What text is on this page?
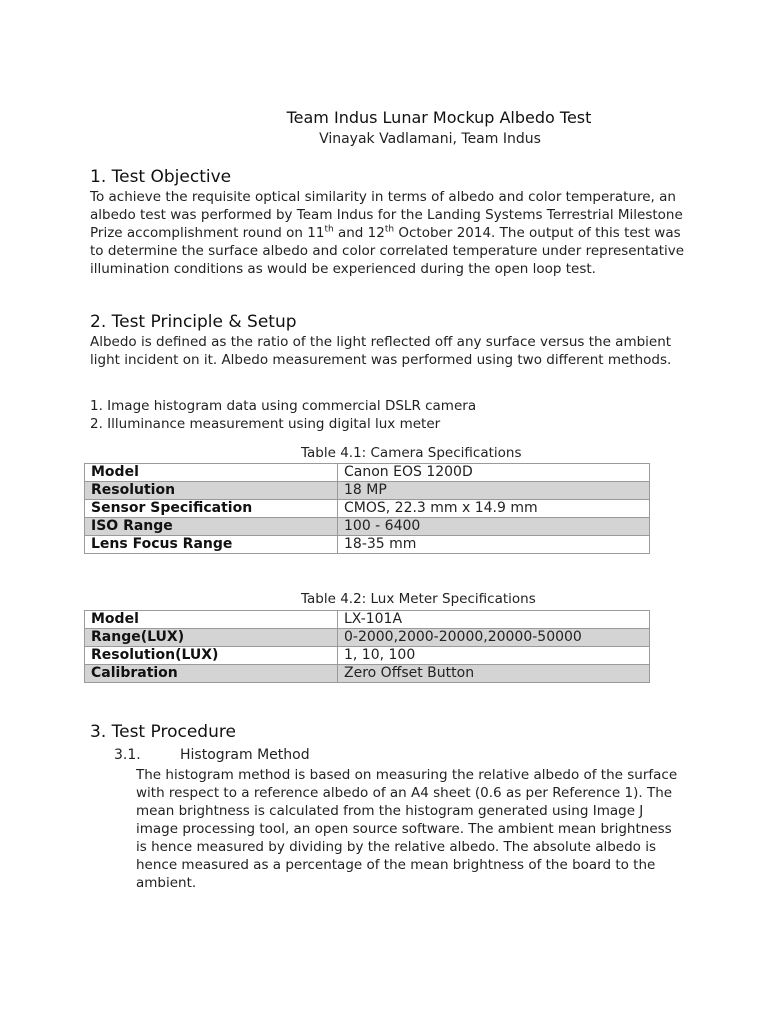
Team Indus Lunar Mockup Albedo Test
Vinayak Vadlamani, Team Indus
1. Test Objective
To achieve the requisite optical similarity in terms of albedo and color temperature, an albedo test was performed by Team Indus for the Landing Systems Terrestrial Milestone Prize accomplishment round on 11th and 12th October 2014. The output of this test was to determine the surface albedo and color correlated temperature under representative illumination conditions as would be experienced during the open loop test.
2. Test Principle & Setup
Albedo is defined as the ratio of the light reflected off any surface versus the ambient light incident on it. Albedo measurement was performed using two different methods.
1. Image histogram data using commercial DSLR camera
2. Illuminance measurement using digital lux meter
Table 4.1: Camera Specifications
Model	Canon EOS 1200D
Resolution	18 MP
Sensor Specification	CMOS, 22.3 mm x 14.9 mm
ISO Range	100 - 6400
Lens Focus Range	18-35 mm
Table 4.2: Lux Meter Specifications
Model	LX-101A
Range(LUX)	0-2000,2000-20000,20000-50000
Resolution(LUX)	1, 10, 100
Calibration	Zero Offset Button
3. Test Procedure
3.1.	Histogram Method
The histogram method is based on measuring the relative albedo of the surface with respect to a reference albedo of an A4 sheet (0.6 as per Reference 1). The mean brightness is calculated from the histogram generated using Image J image processing tool, an open source software. The ambient mean brightness is hence measured by dividing by the relative albedo. The absolute albedo is hence measured as a percentage of the mean brightness of the board to the ambient.
